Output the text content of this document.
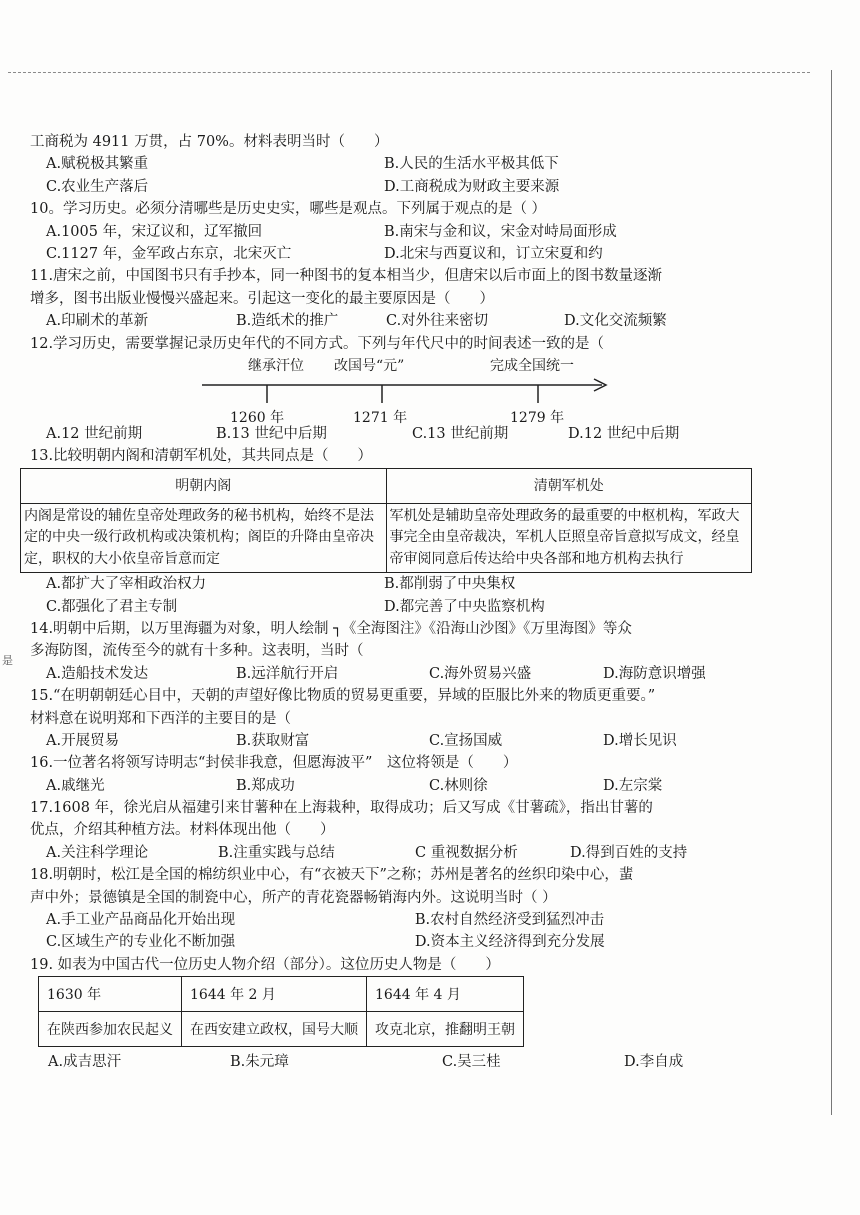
是
工商税为 4911 万贯，占 70%。材料表明当时（　　）
A.赋税极其繁重	B.人民的生活水平极其低下
C.农业生产落后	D.工商税成为财政主要来源
10。学习历史。必须分清哪些是历史史实，哪些是观点。下列属于观点的是（ ）
A.1005 年，宋辽议和，辽军撤回	B.南宋与金和议，宋金对峙局面形成
C.1127 年，金军政占东京，北宋灭亡	D.北宋与西夏议和，订立宋夏和约
11.唐宋之前，中国图书只有手抄本，同一种图书的复本相当少，但唐宋以后市面上的图书数量逐渐
增多，图书出版业慢慢兴盛起来。引起这一变化的最主要原因是（　　）
A.印刷术的革新	B.造纸术的推广	C.对外往来密切	D.文化交流频繁
12.学习历史，需要掌握记录历史年代的不同方式。下列与年代尺中的时间表述一致的是（
继承汗位 改国号“元”	完成全国统一
1260 年	1271 年	1279 年
A.12 世纪前期	B.13 世纪中后期	C.13 世纪前期	D.12 世纪中后期
13.比较明朝内阁和清朝军机处，其共同点是（　　）
明朝内阁	清朝军机处
内阁是常设的辅佐皇帝处理政务的秘书机构，始终不是法定的中央一级行政机构或决策机构；阁臣的升降由皇帝决定，职权的大小依皇帝旨意而定	军机处是辅助皇帝处理政务的最重要的中枢机构，军政大事完全由皇帝裁决，军机人臣照皇帝旨意拟写成文，经皇帝审阅同意后传达给中央各部和地方机构去执行
A.都扩大了宰相政治权力	B.都削弱了中央集权
C.都强化了君主专制	D.都完善了中央监察机构
14.明朝中后期，以万里海疆为对象，明人绘制 ┐《全海图注》《沿海山沙图》《万里海图》等众
多海防图，流传至今的就有十多种。这表明，当时（
A.造船技术发达	B.远洋航行开启	C.海外贸易兴盛	D.海防意识增强
15.“在明朝朝廷心目中，天朝的声望好像比物质的贸易更重要，异域的臣服比外来的物质更重要。”
材料意在说明郑和下西洋的主要目的是（
A.开展贸易	B.获取财富	C.宣扬国威	D.增长见识
16.一位著名将领写诗明志“封侯非我意，但愿海波平”　这位将领是（　　）
A.戚继光	B.郑成功	C.林则徐	D.左宗棠
17.1608 年，徐光启从福建引来甘薯种在上海栽种，取得成功；后又写成《甘薯疏》，指出甘薯的
优点，介绍其种植方法。材料体现出他（　　）
A.关注科学理论	B.注重实践与总结	C 重视数据分析	D.得到百姓的支持
18.明朝时，松江是全国的棉纺织业中心，有“衣被天下”之称；苏州是著名的丝织印染中心，蜚
声中外；景德镇是全国的制瓷中心，所产的青花瓷器畅销海内外。这说明当时（ ）
A.手工业产品商品化开始出现	B.农村自然经济受到猛烈冲击
C.区域生产的专业化不断加强	D.资本主义经济得到充分发展
19. 如表为中国古代一位历史人物介绍（部分）。这位历史人物是（　　）
1630 年	1644 年 2 月	1644 年 4 月
在陕西参加农民起义	在西安建立政权，国号大顺	攻克北京，推翻明王朝
A.成吉思汗	B.朱元璋	C.吴三桂	D.李自成
